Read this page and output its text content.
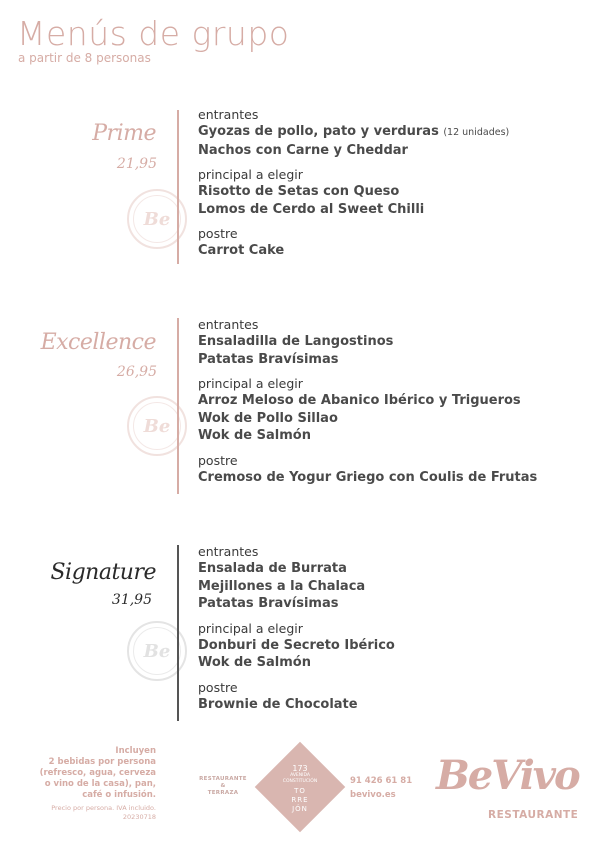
Menús de grupo
a partir de 8 personas
Prime
21,95
Be
entrantes
Gyozas de pollo, pato y verduras (12 unidades)
Nachos con Carne y Cheddar
principal a elegir
Risotto de Setas con Queso
Lomos de Cerdo al Sweet Chilli
postre
Carrot Cake
Excellence
26,95
Be
entrantes
Ensaladilla de Langostinos
Patatas Bravísimas
principal a elegir
Arroz Meloso de Abanico Ibérico y Trigueros
Wok de Pollo Sillao
Wok de Salmón
postre
Cremoso de Yogur Griego con Coulis de Frutas
Signature
31,95
Be
entrantes
Ensalada de Burrata
Mejillones a la Chalaca
Patatas Bravísimas
principal a elegir
Donburi de Secreto Ibérico
Wok de Salmón
postre
Brownie de Chocolate
Incluyen
2 bebidas por persona
(refresco, agua, cerveza
o vino de la casa), pan,
café o infusión.
Precio por persona. IVA incluido.
20230718
RESTAURANTE
&
TERRAZA
173
AVENIDA
CONSTITUCIÓN
TO
RRE
JÓN
91 426 61 81
bevivo.es	BeVivo
RESTAURANTE
